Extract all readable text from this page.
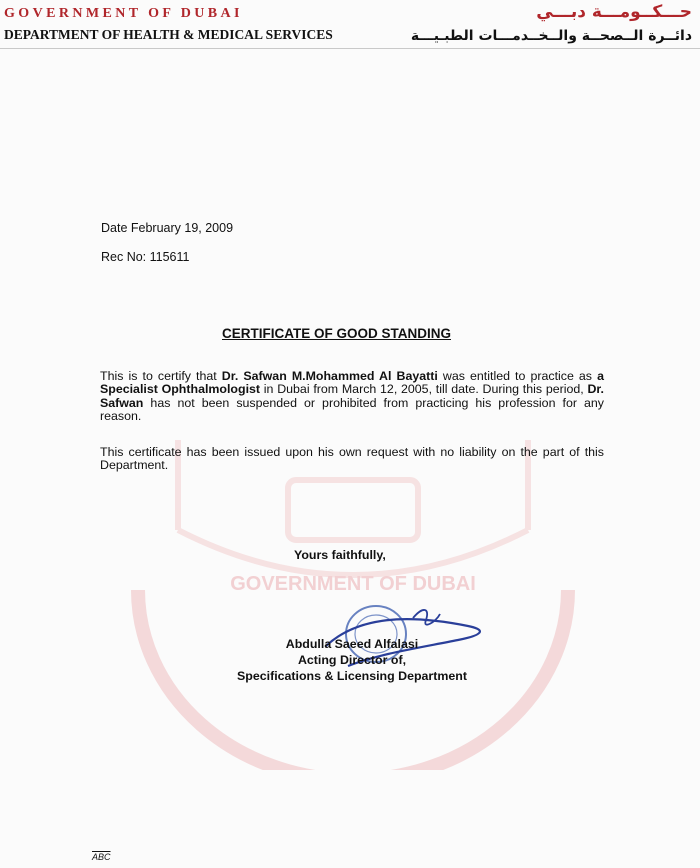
GOVERNMENT OF DUBAI
GOVERNMENT OF DUBAI
DEPARTMENT OF HEALTH & MEDICAL SERVICES
حـــكــومـــة دبـــي
دائــرة الــصحــة والــخــدمـــات الطبـيـــة
Date February 19, 2009
Rec No: 115611
CERTIFICATE OF GOOD STANDING
This is to certify that Dr. Safwan M.Mohammed Al Bayatti was entitled to practice as a Specialist Ophthalmologist in Dubai from March 12, 2005, till date. During this period, Dr. Safwan has not been suspended or prohibited from practicing his profession for any reason.
This certificate has been issued upon his own request with no liability on the part of this Department.
Yours faithfully,
Abdulla Saeed Alfalasi
Acting Director of,
Specifications & Licensing Department
$\overline{ABC}$
